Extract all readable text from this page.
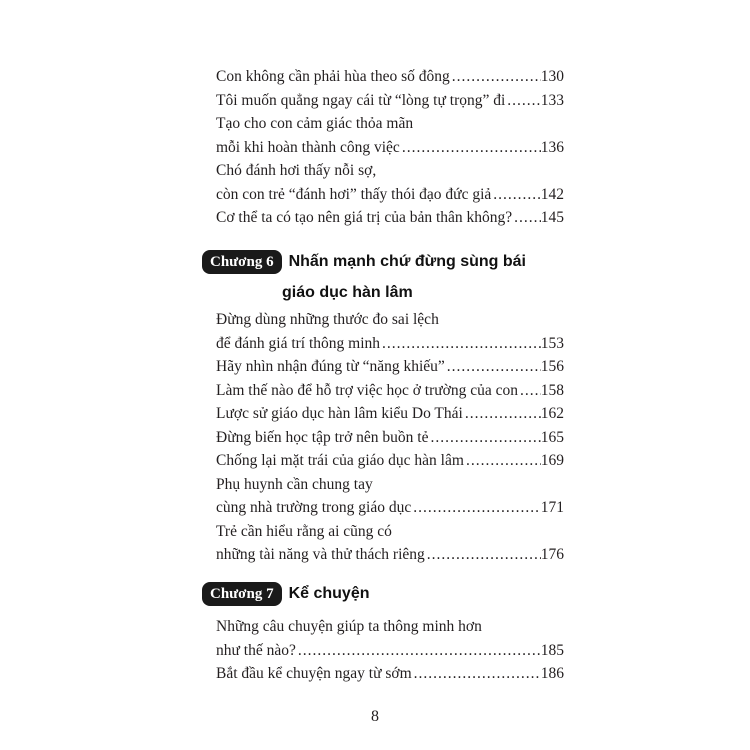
Con không cần phải hùa theo số đông .....	130
Tôi muốn quẳng ngay cái từ “lòng tự trọng” đi ..... 133
Tạo cho con cảm giác thỏa mãn
mỗi khi hoàn thành công việc .....	136
Chó đánh hơi thấy nỗi sợ,
còn con trẻ “đánh hơi” thấy thói đạo đức giả .....	142
Cơ thể ta có tạo nên giá trị của bản thân không? ..... 145
Chương 6 Nhấn mạnh chứ đừng sùng bái
giáo dục hàn lâm
Đừng dùng những thước đo sai lệch
để đánh giá trí thông minh .....	153
Hãy nhìn nhận đúng từ “năng khiếu” .....	156
Làm thế nào để hỗ trợ việc học ở trường của con ..... 158
Lược sử giáo dục hàn lâm kiểu Do Thái .....	162
Đừng biến học tập trở nên buồn tẻ .....	165
Chống lại mặt trái của giáo dục hàn lâm .....	169
Phụ huynh cần chung tay
cùng nhà trường trong giáo dục .....	171
Trẻ cần hiểu rằng ai cũng có
những tài năng và thử thách riêng .....	176
Chương 7 Kể chuyện
Những câu chuyện giúp ta thông minh hơn
như thế nào? .....	185
Bắt đầu kể chuyện ngay từ sớm .....	186
8
